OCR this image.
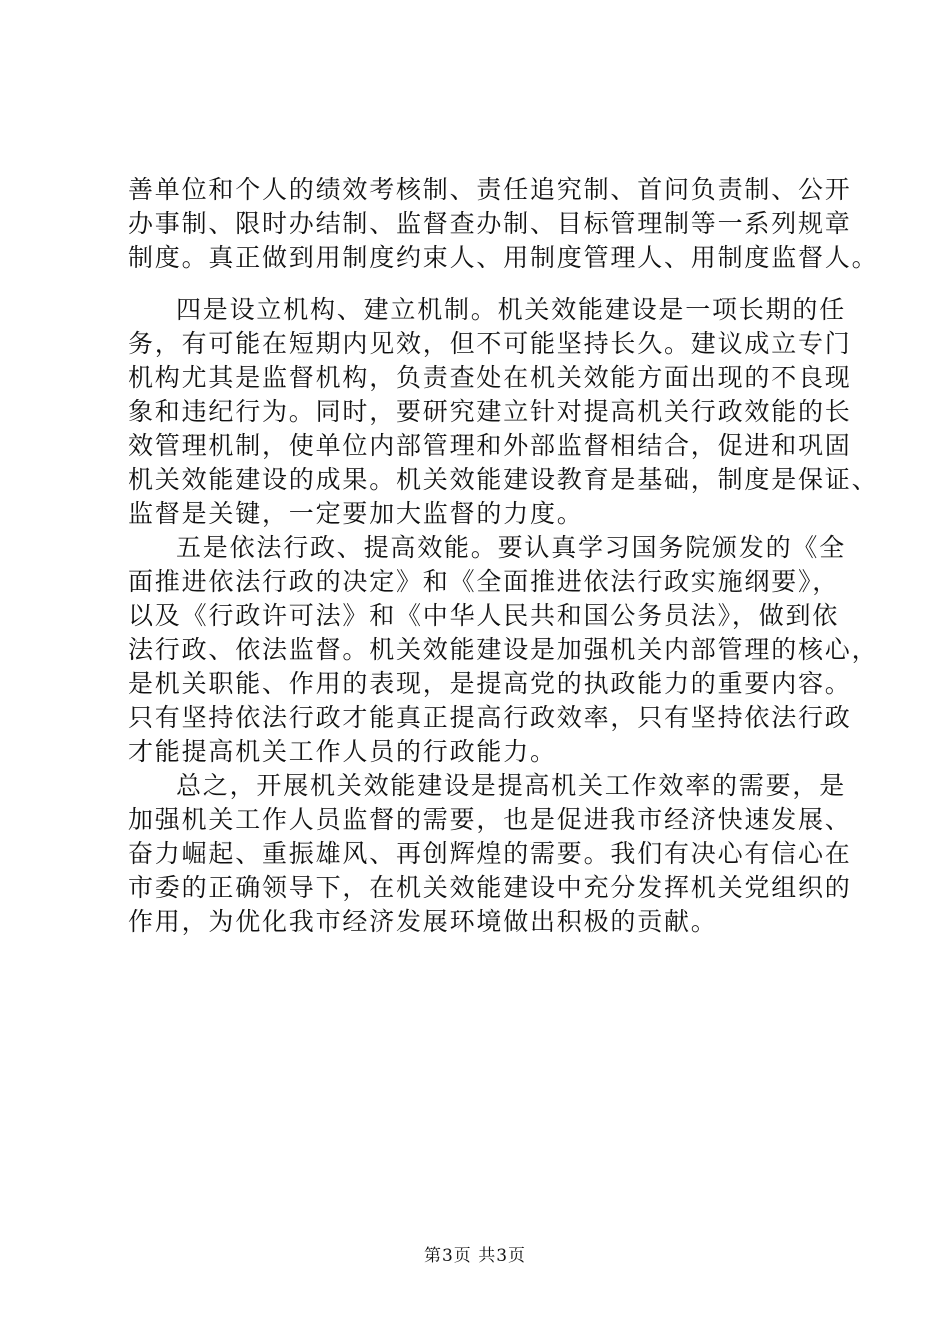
善单位和个人的绩效考核制、责任追究制、首问负责制、公开
办事制、限时办结制、监督查办制、目标管理制等一系列规章
制度。真正做到用制度约束人、用制度管理人、用制度监督人。
四是设立机构、建立机制。机关效能建设是一项长期的任
务，有可能在短期内见效，但不可能坚持长久。建议成立专门
机构尤其是监督机构，负责查处在机关效能方面出现的不良现
象和违纪行为。同时，要研究建立针对提高机关行政效能的长
效管理机制，使单位内部管理和外部监督相结合，促进和巩固
机关效能建设的成果。机关效能建设教育是基础，制度是保证、
监督是关键，一定要加大监督的力度。
五是依法行政、提高效能。要认真学习国务院颁发的《全
面推进依法行政的决定》和《全面推进依法行政实施纲要》，
以及《行政许可法》和《中华人民共和国公务员法》，做到依
法行政、依法监督。机关效能建设是加强机关内部管理的核心，
是机关职能、作用的表现，是提高党的执政能力的重要内容。
只有坚持依法行政才能真正提高行政效率，只有坚持依法行政
才能提高机关工作人员的行政能力。
总之，开展机关效能建设是提高机关工作效率的需要，是
加强机关工作人员监督的需要，也是促进我市经济快速发展、
奋力崛起、重振雄风、再创辉煌的需要。我们有决心有信心在
市委的正确领导下，在机关效能建设中充分发挥机关党组织的
作用，为优化我市经济发展环境做出积极的贡献。
第3页 共3页
